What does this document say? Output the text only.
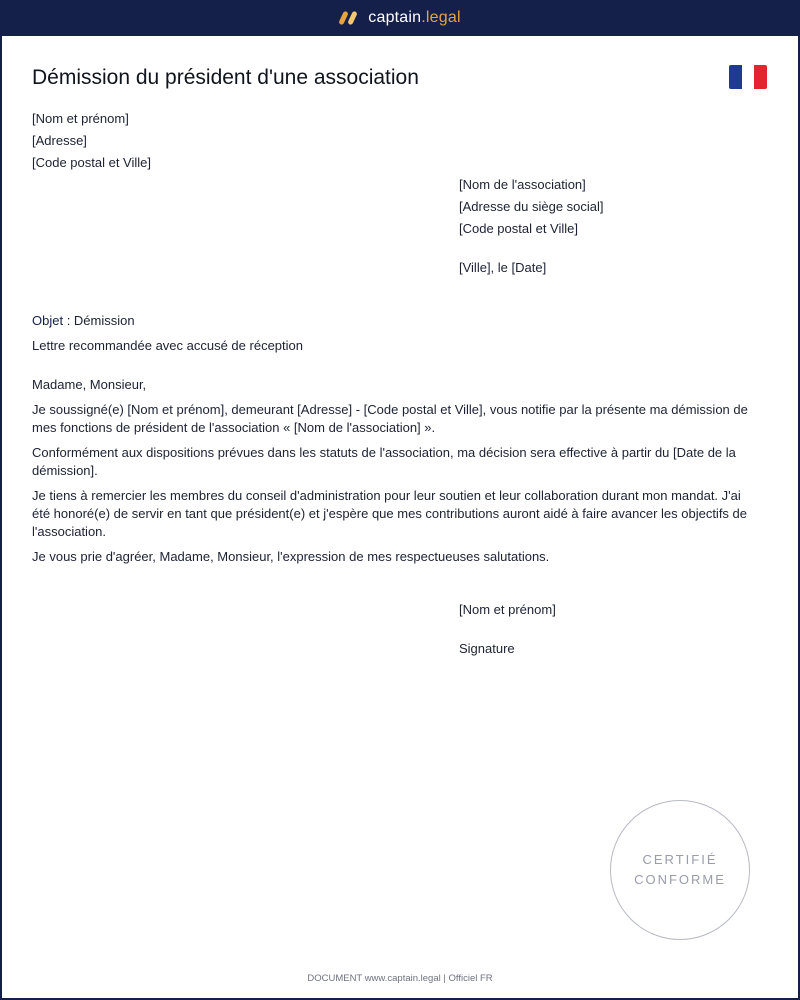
captain.legal
Démission du président d'une association
[Nom et prénom]
[Adresse]
[Code postal et Ville]
[Nom de l'association]
[Adresse du siège social]
[Code postal et Ville]
[Ville], le [Date]
Objet : Démission
Lettre recommandée avec accusé de réception
Madame, Monsieur,

Je soussigné(e) [Nom et prénom], demeurant [Adresse] - [Code postal et Ville], vous notifie par la présente ma démission de mes fonctions de président de l'association « [Nom de l'association] ».

Conformément aux dispositions prévues dans les statuts de l'association, ma décision sera effective à partir du [Date de la démission].

Je tiens à remercier les membres du conseil d'administration pour leur soutien et leur collaboration durant mon mandat. J'ai été honoré(e) de servir en tant que président(e) et j'espère que mes contributions auront aidé à faire avancer les objectifs de l'association.

Je vous prie d'agréer, Madame, Monsieur, l'expression de mes respectueuses salutations.

[Nom et prénom]
Signature
CERTIFIÉ
CONFORME
DOCUMENT www.captain.legal | Officiel FR
